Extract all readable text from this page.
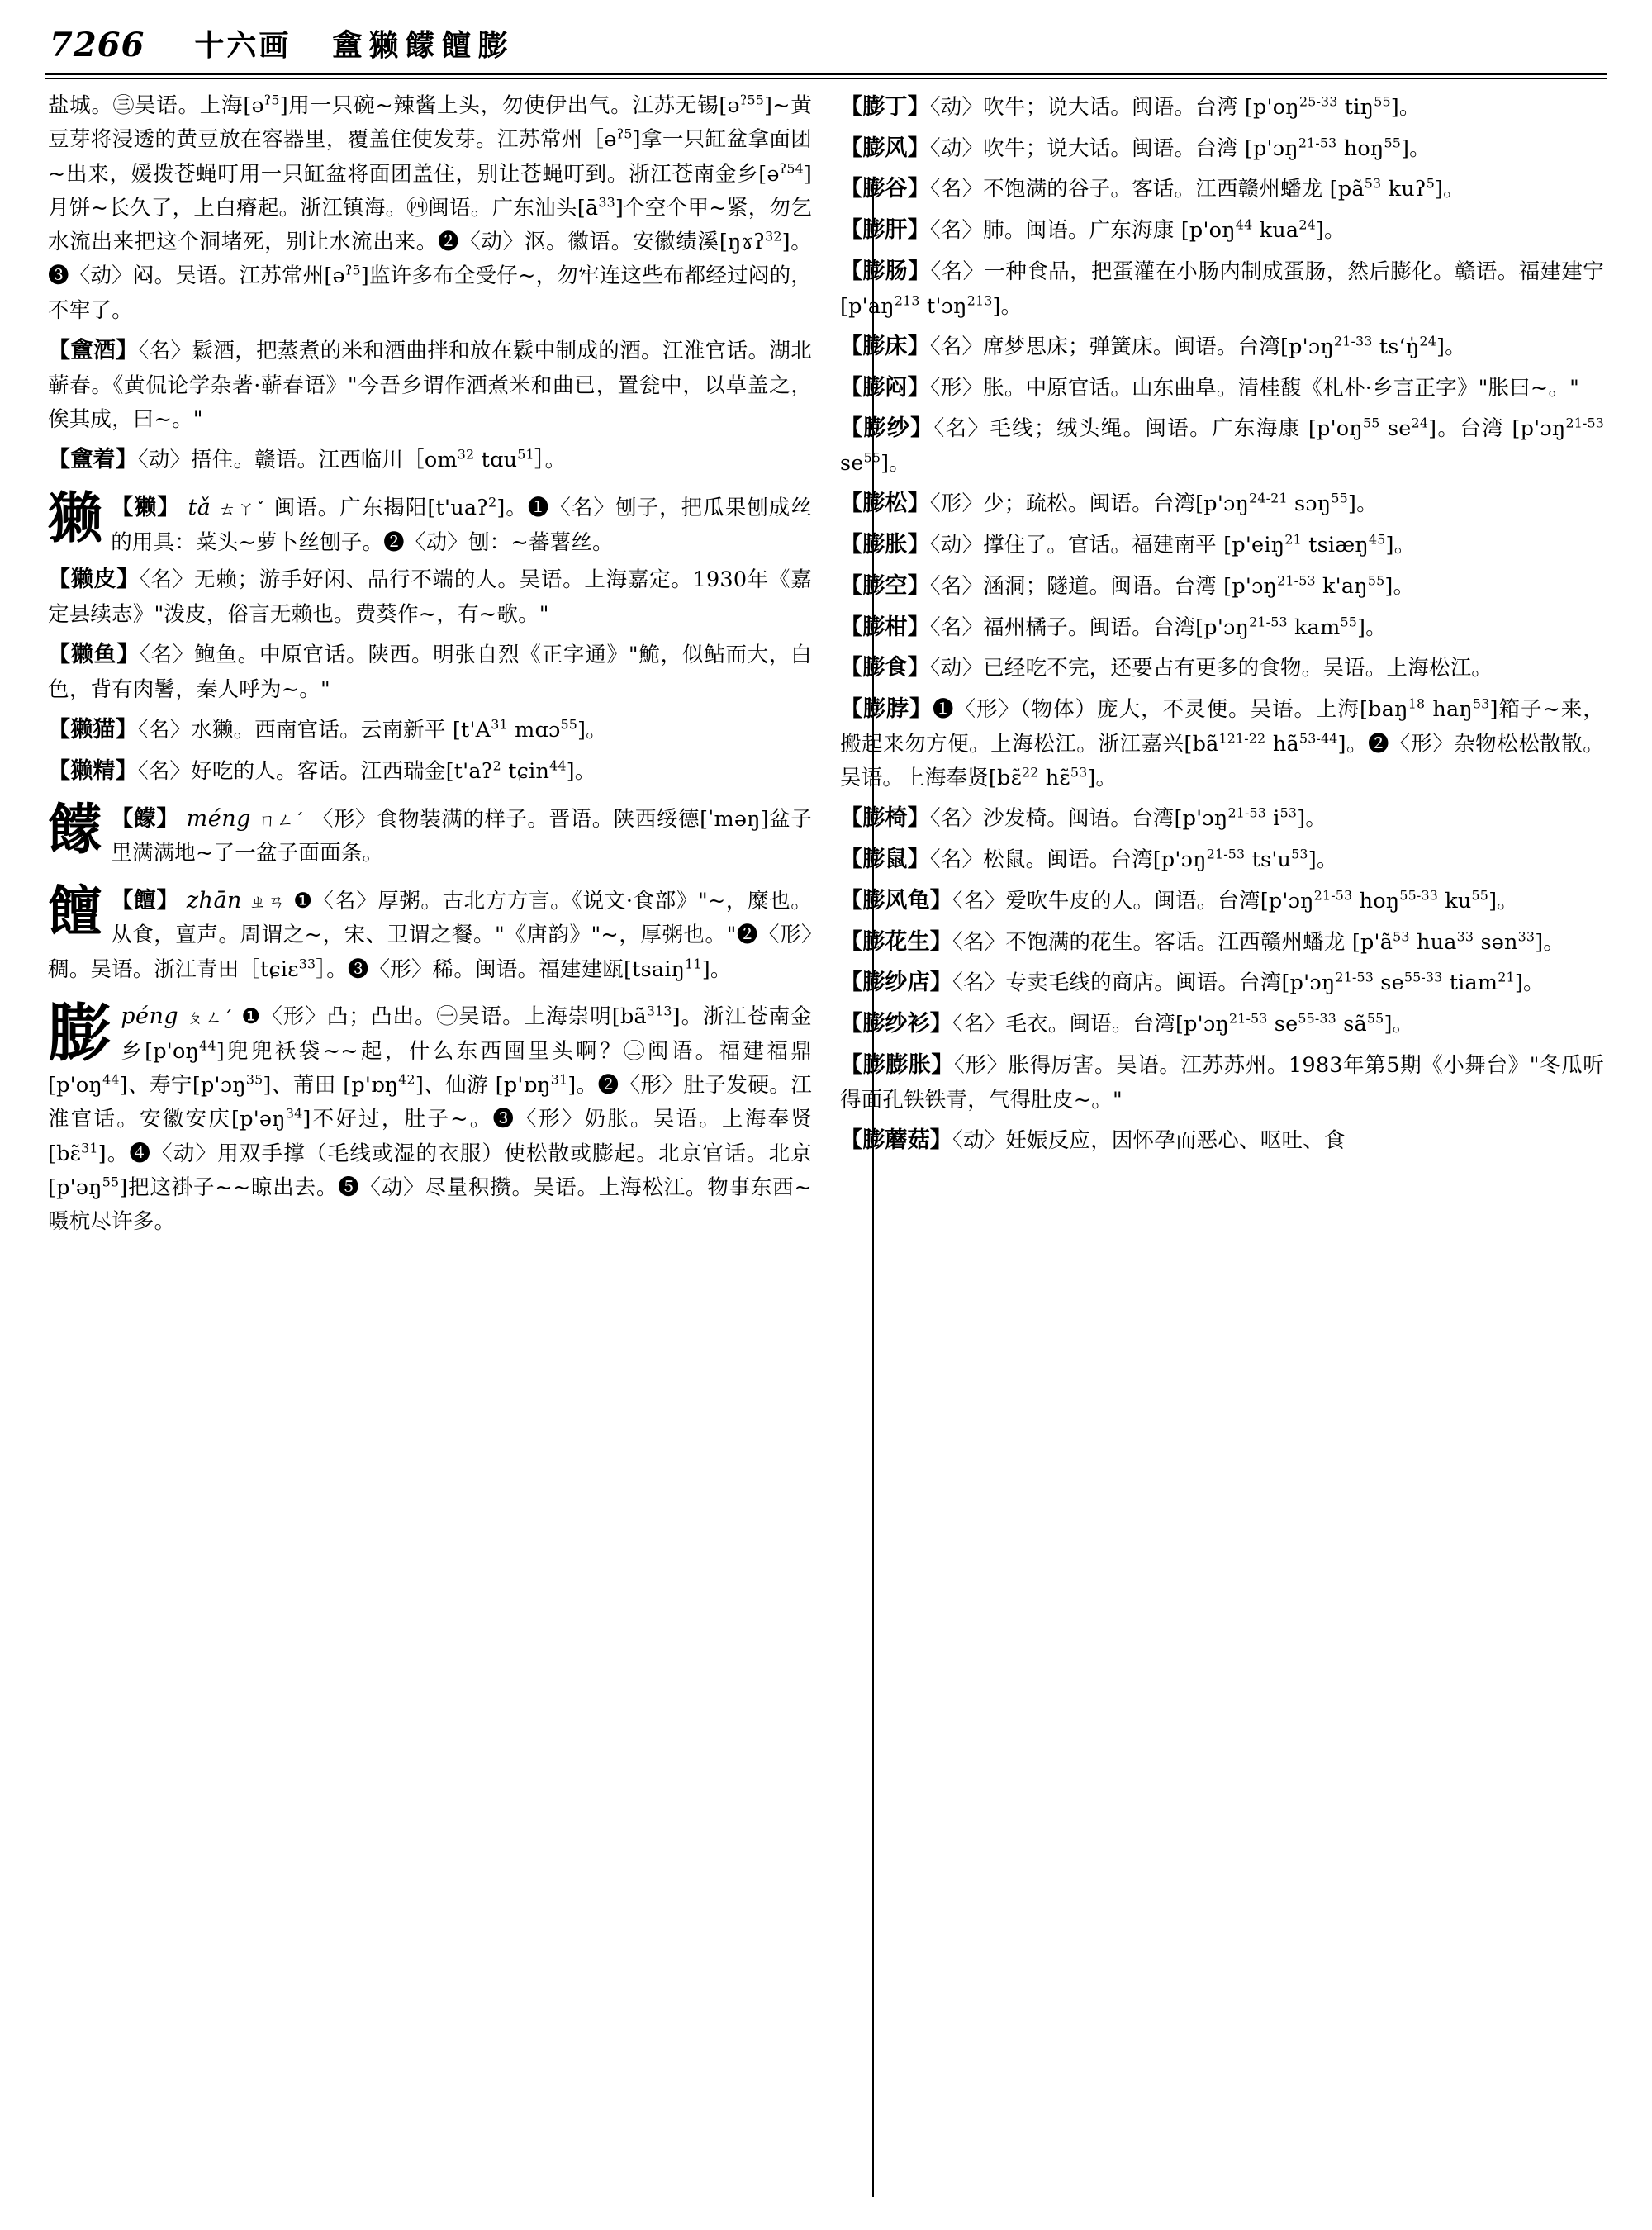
7266 十六画 盦獭饛饘膨
盐城。㊂吴语。上海[ə$^{ʔ5}$]用一只碗~辣酱上头，勿使伊出气。江苏无锡[ə$^{ʔ55}$]~黄豆芽将浸透的黄豆放在容器里，覆盖住使发芽。江苏常州［ə$^{ʔ5}$]拿一只缸盆拿面团~出来，媛拨苍蝇叮用一只缸盆将面团盖住，别让苍蝇叮到。浙江苍南金乡[ə$^{ʔ54}$]月饼~长久了，上白瘠起。浙江镇海。㊃闽语。广东汕头$[ā^{33}]$个空个甲~紧，勿乞水流出来把这个洞堵死，别让水流出来。❷〈动〉沤。徽语。安徽绩溪[ŋɤʔ$^{32}$]。❸〈动〉闷。吴语。江苏常州[ə$^{ʔ5}$]监许多布全受仔~，勿牢连这些布都经过闷的，不牢了。
【盦酒】〈名〉鬏酒，把蒸煮的米和酒曲拌和放在鬏中制成的酒。江淮官话。湖北蕲春。《黄侃论学杂著·蕲春语》"今吾乡谓作洒煮米和曲已，置瓮中，以草盖之，俟其成，曰~。"
【盦着】〈动〉捂住。赣语。江西临川$[om^{32}$ tɑu$^{51}$］。
獭 【獭】 tǎ ㄊㄚˇ 闽语。广东揭阳[t'uaʔ$^2$]。❶〈名〉刨子，把瓜果刨成丝的用具：菜头~萝卜丝刨子。❷〈动〉刨：~蕃薯丝。
【獭皮】〈名〉无赖；游手好闲、品行不端的人。吴语。上海嘉定。1930年《嘉定县续志》"泼皮，俗言无赖也。费葵作~，有~歌。"
【獭鱼】〈名〉鲍鱼。中原官话。陕西。明张自烈《正字通》"鮠，似鲇而大，白色，背有肉鬐，秦人呼为~。"
【獭猫】〈名〉水獭。西南官话。云南新平 [$t'A^{31}$ mɑɔ$^{55}$]。
【獭精】〈名〉好吃的人。客话。江西瑞金[t'aʔ$^2$ tɕin$^{44}$]。
饛 【饛】 méng ㄇㄥˊ 〈形〉食物装满的样子。晋语。陕西绥德[ˈməŋ]盆子里满满地~了一盆子面面条。
饘 【饘】 zhān ㄓㄢ ❶〈名〉厚粥。古北方方言。《说文·食部》"~，糜也。从食，亶声。周谓之~，宋、卫谓之餐。"《唐韵》"~，厚粥也。"❷〈形〉稠。吴语。浙江青田［tɕiɛ$^{33}$］。❸〈形〉稀。闽语。福建建瓯[tsaiŋ$^{11}$]。
膨 péng ㄆㄥˊ ❶〈形〉凸；凸出。㊀吴语。上海崇明$[bã^{313}]$。浙江苍南金乡$[p'oŋ^{44}]$兜兜袄袋~~起，什么东西囤里头啊？㊁闽语。福建福鼎 $[p'oŋ^{44}]$、寿宁[p'ɔŋ$^{35}$]、莆田 [p'ɒŋ$^{42}$]、仙游 [p'ɒŋ$^{31}$]。❷〈形〉肚子发硬。江淮官话。安徽安庆[p'əŋ$^{34}$]不好过，肚子~。❸〈形〉奶胀。吴语。上海奉贤[bɛ̃$^{31}$]。❹〈动〉用双手撑（毛线或湿的衣服）使松散或膨起。北京官话。北京[p'əŋ$^{55}$]把这褂子~~晾出去。❺〈动〉尽量积攒。吴语。上海松江。物事东西~嗫杭尽许多。
【膨丁】〈动〉吹牛；说大话。闽语。台湾 [$p'oŋ^{25-33}$ tiŋ$^{55}$]。
【膨风】〈动〉吹牛；说大话。闽语。台湾 [p'ɔŋ$^{21-53}$ hoŋ$^{55}$]。
【膨谷】〈名〉不饱满的谷子。客话。江西赣州蟠龙 [$pã^{53}$ kuʔ$^5$]。
【膨肝】〈名〉肺。闽语。广东海康 [$p'oŋ^{44}$ kua$^{24}$]。
【膨肠】〈名〉一种食品，把蛋灌在小肠内制成蛋肠，然后膨化。赣语。福建建宁[$p'aŋ^{213}$ t'ɔŋ$^{213}$]。
【膨床】〈名〉席梦思床；弹簧床。闽语。台湾[p'ɔŋ$^{21-33}$ tsʻŋ̍$^{24}$]。
【膨闷】〈形〉胀。中原官话。山东曲阜。清桂馥《札朴·乡言正字》"胀曰~。"
【膨纱】〈名〉毛线；绒头绳。闽语。广东海康 [$p'oŋ^{55}$ $se^{24}$]。台湾 [p'ɔŋ$^{21-53}$ $se^{55}$]。
【膨松】〈形〉少；疏松。闽语。台湾[p'ɔŋ$^{24-21}$ sɔŋ$^{55}$]。
【膨胀】〈动〉撑住了。官话。福建南平 [p'eiŋ$^{21}$ tsiæŋ$^{45}$]。
【膨空】〈名〉涵洞；隧道。闽语。台湾 [p'ɔŋ$^{21-53}$ $k'aŋ^{55}$]。
【膨柑】〈名〉福州橘子。闽语。台湾[p'ɔŋ$^{21-53}$ kam$^{55}$]。
【膨食】〈动〉已经吃不完，还要占有更多的食物。吴语。上海松江。
【膨脖】❶〈形〉（物体）庞大，不灵便。吴语。上海[baŋ$^{18}$ haŋ$^{53}$]箱子~来，搬起来勿方便。上海松江。浙江嘉兴[$bã^{121-22}$ $hã^{53-44}$]。❷〈形〉杂物松松散散。吴语。上海奉贤[bɛ̃$^{22}$ hɛ̃$^{53}$]。
【膨椅】〈名〉沙发椅。闽语。台湾[p'ɔŋ$^{21-53}$ $i^{53}$]。
【膨鼠】〈名〉松鼠。闽语。台湾[p'ɔŋ$^{21-53}$ $ts'u^{53}$]。
【膨风龟】〈名〉爱吹牛皮的人。闽语。台湾[p'ɔŋ$^{21-53}$ hoŋ$^{55-33}$ $ku^{55}$]。
【膨花生】〈名〉不饱满的花生。客话。江西赣州蟠龙 [$p'ã^{53}$ hua$^{33}$ sən$^{33}$]。
【膨纱店】〈名〉专卖毛线的商店。闽语。台湾[p'ɔŋ$^{21-53}$ $se^{55-33}$ tiam$^{21}$]。
【膨纱衫】〈名〉毛衣。闽语。台湾[p'ɔŋ$^{21-53}$ $se^{55-33}$ $sã^{55}$]。
【膨膨胀】〈形〉胀得厉害。吴语。江苏苏州。1983年第5期《小舞台》"冬瓜听得面孔铁铁青，气得肚皮~。"
【膨蘑菇】〈动〉妊娠反应，因怀孕而恶心、呕吐、食
